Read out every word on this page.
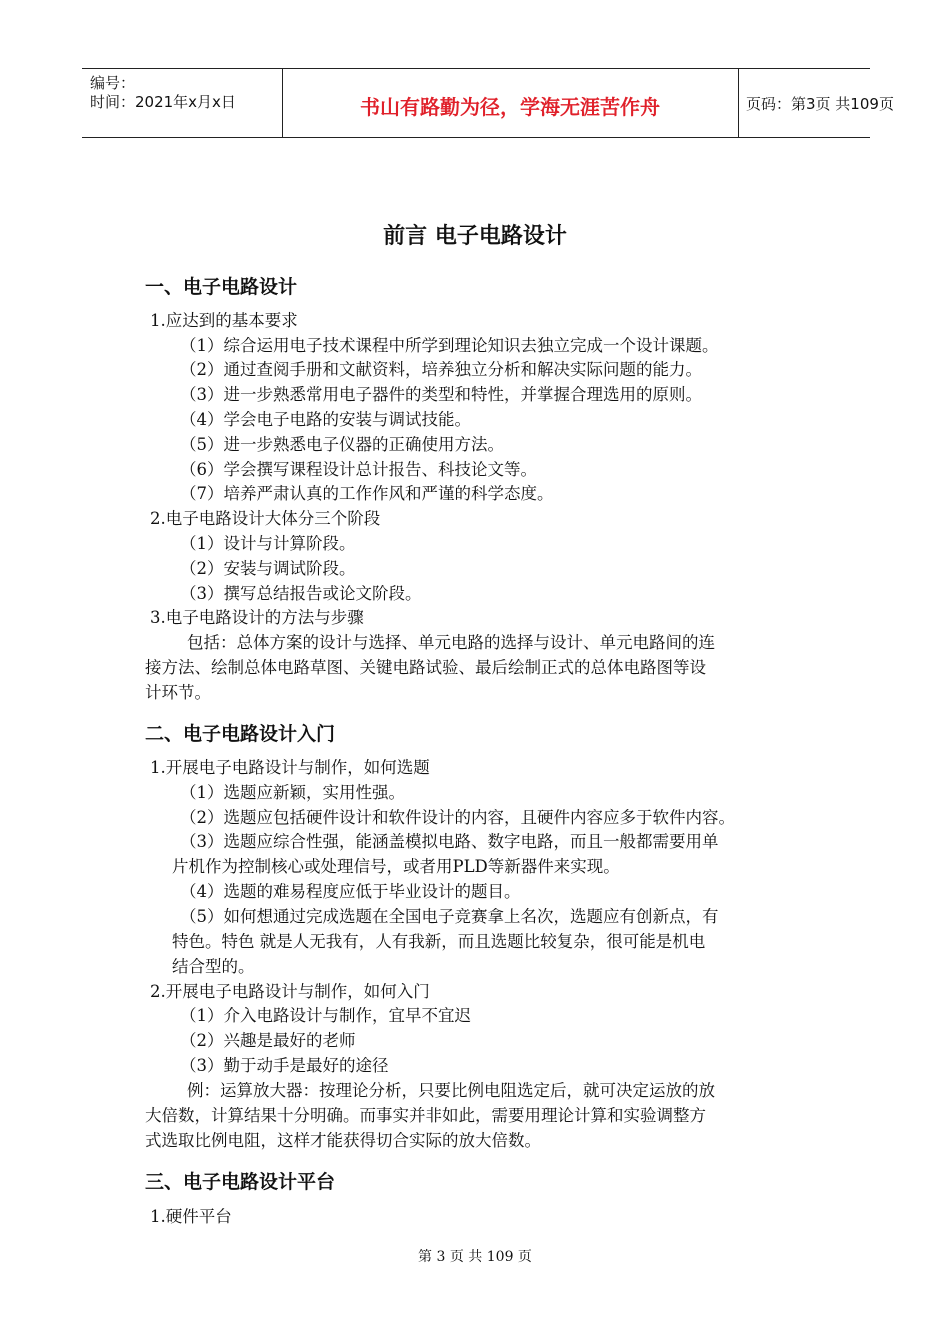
编号：
时间：2021年x月x日	书山有路勤为径，学海无涯苦作舟	页码：第3页 共109页
前言 电子电路设计
一、电子电路设计
二、电子电路设计入门
三、电子电路设计平台
1.应达到的基本要求
（1）综合运用电子技术课程中所学到理论知识去独立完成一个设计课题。
（2）通过查阅手册和文献资料，培养独立分析和解决实际问题的能力。
（3）进一步熟悉常用电子器件的类型和特性，并掌握合理选用的原则。
（4）学会电子电路的安装与调试技能。
（5）进一步熟悉电子仪器的正确使用方法。
（6）学会撰写课程设计总计报告、科技论文等。
（7）培养严肃认真的工作作风和严谨的科学态度。
2.电子电路设计大体分三个阶段
（1）设计与计算阶段。
（2）安装与调试阶段。
（3）撰写总结报告或论文阶段。
3.电子电路设计的方法与步骤
包括：总体方案的设计与选择、单元电路的选择与设计、单元电路间的连
接方法、绘制总体电路草图、关键电路试验、最后绘制正式的总体电路图等设
计环节。
1.开展电子电路设计与制作，如何选题
（1）选题应新颖，实用性强。
（2）选题应包括硬件设计和软件设计的内容，且硬件内容应多于软件内容。
（3）选题应综合性强，能涵盖模拟电路、数字电路，而且一般都需要用单
片机作为控制核心或处理信号，或者用PLD等新器件来实现。
（4）选题的难易程度应低于毕业设计的题目。
（5）如何想通过完成选题在全国电子竞赛拿上名次，选题应有创新点，有
特色。特色 就是人无我有，人有我新，而且选题比较复杂，很可能是机电
结合型的。
2.开展电子电路设计与制作，如何入门
（1）介入电路设计与制作，宜早不宜迟
（2）兴趣是最好的老师
（3）勤于动手是最好的途径
例：运算放大器：按理论分析，只要比例电阻选定后，就可决定运放的放
大倍数，计算结果十分明确。而事实并非如此，需要用理论计算和实验调整方
式选取比例电阻，这样才能获得切合实际的放大倍数。
1.硬件平台
第 3 页 共 109 页
